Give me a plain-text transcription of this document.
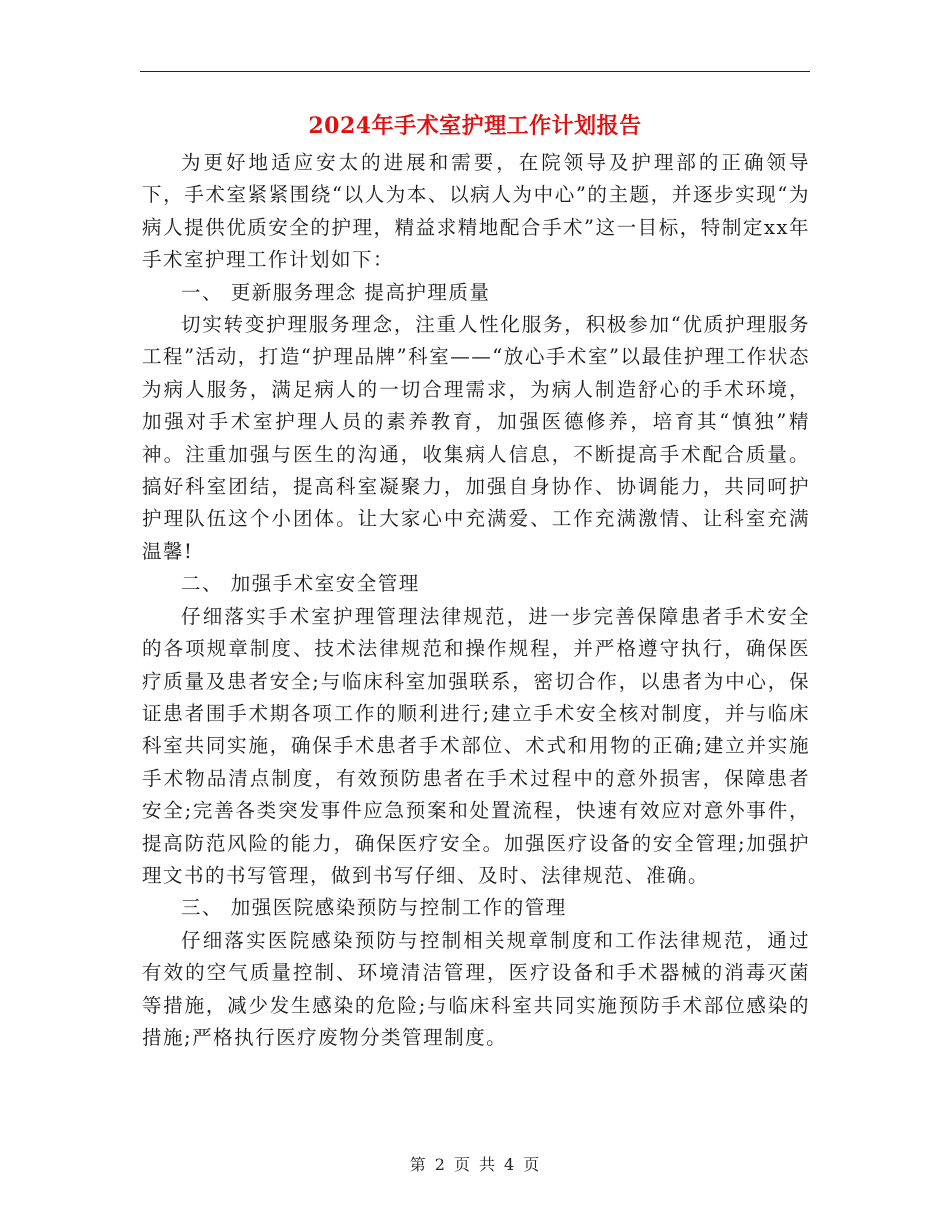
2024年手术室护理工作计划报告

为更好地适应安太的进展和需要，在院领导及护理部的正确领导下，手术室紧紧围绕“以人为本、以病人为中心”的主题，并逐步实现“为病人提供优质安全的护理，精益求精地配合手术”这一目标，特制定xx年手术室护理工作计划如下：

一、 更新服务理念 提高护理质量

切实转变护理服务理念，注重人性化服务，积极参加“优质护理服务工程”活动，打造“护理品牌”科室——“放心手术室”以最佳护理工作状态为病人服务，满足病人的一切合理需求，为病人制造舒心的手术环境，加强对手术室护理人员的素养教育，加强医德修养，培育其“慎独”精神。注重加强与医生的沟通，收集病人信息，不断提高手术配合质量。搞好科室团结，提高科室凝聚力，加强自身协作、协调能力，共同呵护护理队伍这个小团体。让大家心中充满爱、工作充满激情、让科室充满温馨!

二、 加强手术室安全管理

仔细落实手术室护理管理法律规范，进一步完善保障患者手术安全的各项规章制度、技术法律规范和操作规程，并严格遵守执行，确保医疗质量及患者安全;与临床科室加强联系，密切合作，以患者为中心，保证患者围手术期各项工作的顺利进行;建立手术安全核对制度，并与临床科室共同实施，确保手术患者手术部位、术式和用物的正确;建立并实施手术物品清点制度，有效预防患者在手术过程中的意外损害，保障患者安全;完善各类突发事件应急预案和处置流程，快速有效应对意外事件，提高防范风险的能力，确保医疗安全。加强医疗设备的安全管理;加强护理文书的书写管理，做到书写仔细、及时、法律规范、准确。

三、 加强医院感染预防与控制工作的管理

仔细落实医院感染预防与控制相关规章制度和工作法律规范，通过有效的空气质量控制、环境清洁管理，医疗设备和手术器械的消毒灭菌等措施，减少发生感染的危险;与临床科室共同实施预防手术部位感染的措施;严格执行医疗废物分类管理制度。

第 2 页 共 4 页
